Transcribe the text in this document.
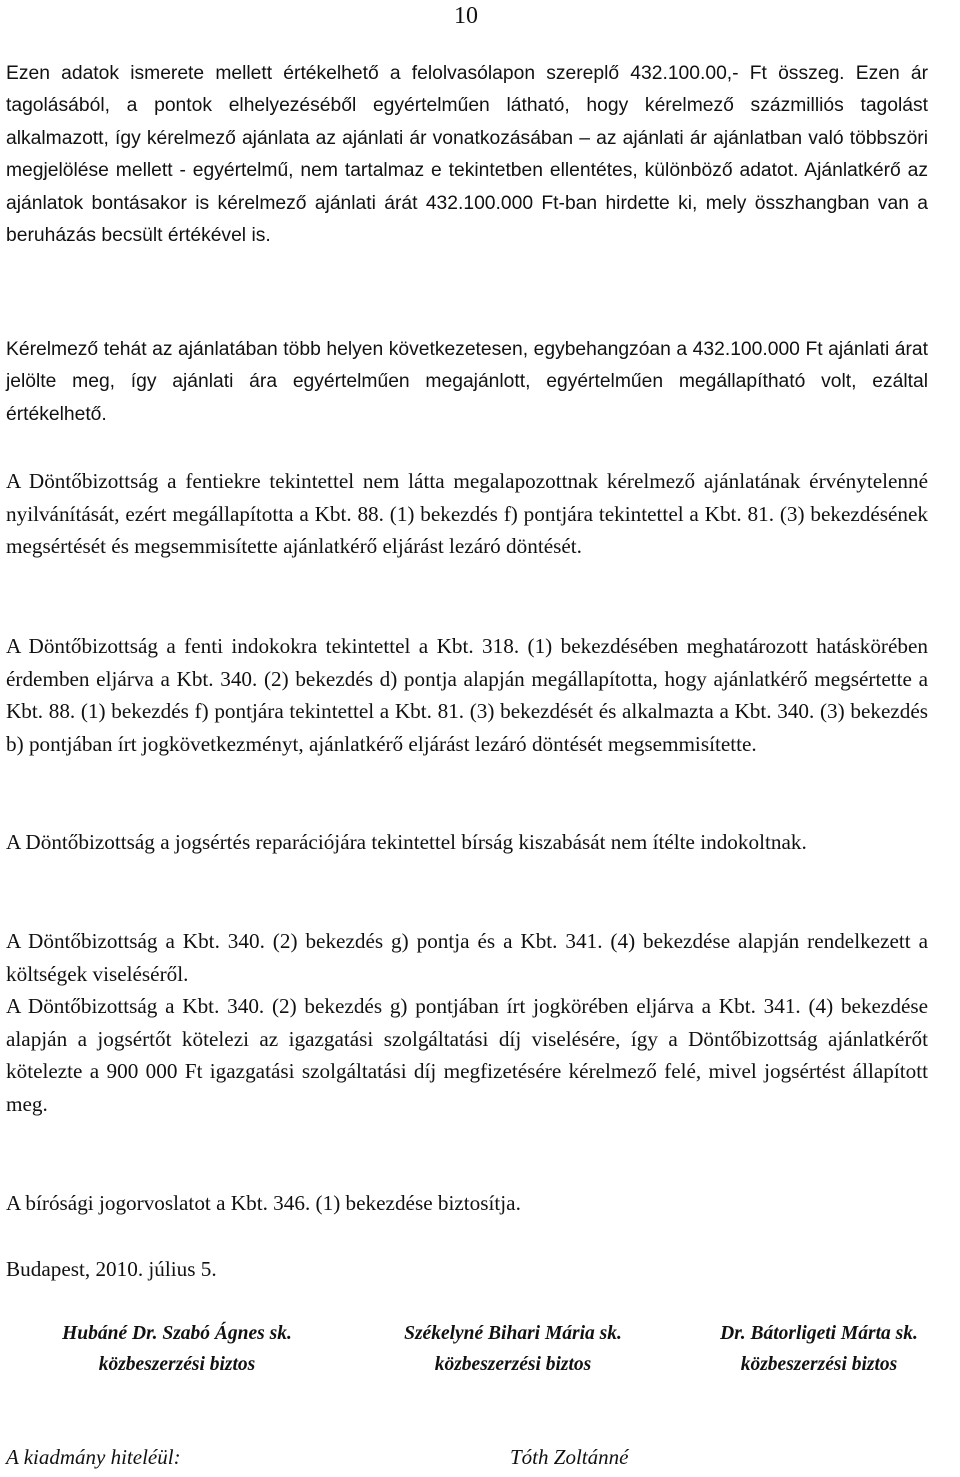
10

Ezen adatok ismerete mellett értékelhető a felolvasólapon szereplő 432.100.00,- Ft összeg. Ezen ár tagolásából, a pontok elhelyezéséből egyértelműen látható, hogy kérelmező százmilliós tagolást alkalmazott, így kérelmező ajánlata az ajánlati ár vonatkozásában – az ajánlati ár ajánlatban való többszöri megjelölése mellett - egyértelmű, nem tartalmaz e tekintetben ellentétes, különböző adatot. Ajánlatkérő az ajánlatok bontásakor is kérelmező ajánlati árát 432.100.000 Ft-ban hirdette ki, mely összhangban van a beruházás becsült értékével is.

Kérelmező tehát az ajánlatában több helyen következetesen, egybehangzóan a 432.100.000 Ft ajánlati árat jelölte meg, így ajánlati ára egyértelműen megajánlott, egyértelműen megállapítható volt, ezáltal értékelhető.

A Döntőbizottság a fentiekre tekintettel nem látta megalapozottnak kérelmező ajánlatának érvénytelenné nyilvánítását, ezért megállapította a Kbt. 88. (1) bekezdés f) pontjára tekintettel a Kbt. 81. (3) bekezdésének megsértését és megsemmisítette ajánlatkérő eljárást lezáró döntését.

A Döntőbizottság a fenti indokokra tekintettel a Kbt. 318. (1) bekezdésében meghatározott hatáskörében érdemben eljárva a Kbt. 340. (2) bekezdés d) pontja alapján megállapította, hogy ajánlatkérő megsértette a Kbt. 88. (1) bekezdés f) pontjára tekintettel a Kbt. 81. (3) bekezdését és alkalmazta a Kbt. 340. (3) bekezdés b) pontjában írt jogkövetkezményt, ajánlatkérő eljárást lezáró döntését megsemmisítette.

A Döntőbizottság a jogsértés reparációjára tekintettel bírság kiszabását nem ítélte indokoltnak.

A Döntőbizottság a Kbt. 340. (2) bekezdés g) pontja és a Kbt. 341. (4) bekezdése alapján rendelkezett a költségek viseléséről.

A Döntőbizottság a Kbt. 340. (2) bekezdés g) pontjában írt jogkörében eljárva a Kbt. 341. (4) bekezdése alapján a jogsértőt kötelezi az igazgatási szolgáltatási díj viselésére, így a Döntőbizottság ajánlatkérőt kötelezte a 900 000 Ft igazgatási szolgáltatási díj megfizetésére kérelmező felé, mivel jogsértést állapított meg.

A bírósági jogorvoslatot a Kbt. 346. (1) bekezdése biztosítja.

Budapest, 2010. július 5.

Hubáné Dr. Szabó Ágnes sk.
közbeszerzési biztos
Székelyné Bihari Mária sk.
közbeszerzési biztos
Dr. Bátorligeti Márta sk.
közbeszerzési biztos
A kiadmány hiteléül:	Tóth Zoltánné
